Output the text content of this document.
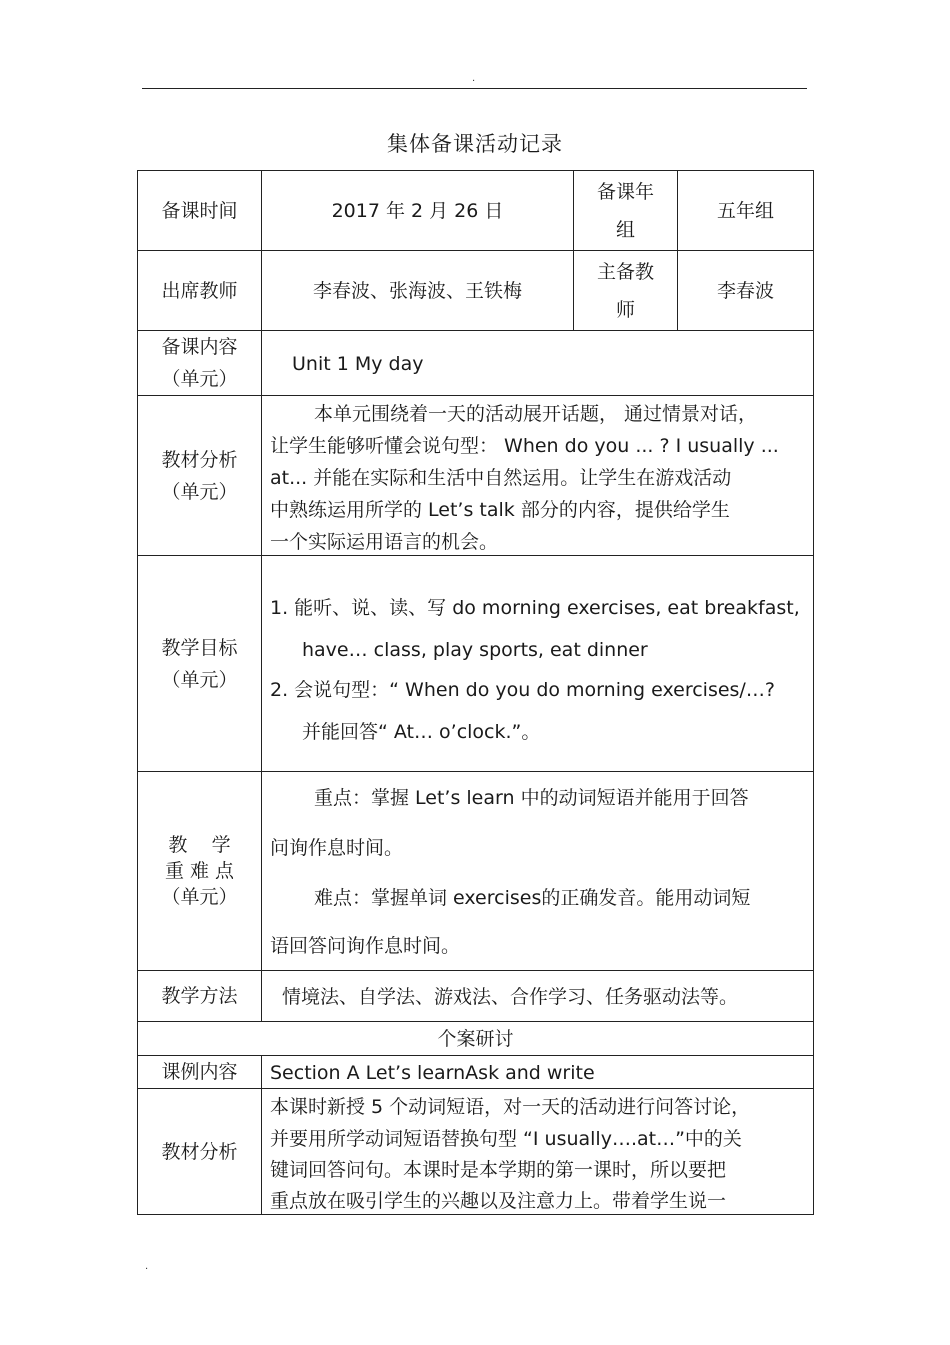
.
集体备课活动记录
备课时间	2017 年 2 月 26 日
备课年
组
五年组
出席教师	李春波、张海波、王铁梅
主备教
师
李春波
备课内容
（单元）
Unit 1 My day
教材分析
（单元）
本单元围绕着一天的活动展开话题， 通过情景对话，
让学生能够听懂会说句型： When do you ... ? I usually ...
at... 并能在实际和生活中自然运用。让学生在游戏活动
中熟练运用所学的 Let’s talk 部分的内容，提供给学生
一个实际运用语言的机会。
教学目标
（单元）
1. 能听、说、读、写 do morning exercises, eat breakfast,
have… class, play sports, eat dinner
2. 会说句型：“ When do you do morning exercises/…?
并能回答“ At… o’clock.”。
教    学
重 难 点
（单元）
重点：掌握 Let’s learn 中的动词短语并能用于回答
问询作息时间。
难点：掌握单词 exercises的正确发音。能用动词短
语回答问询作息时间。
教学方法 情境法、自学法、游戏法、合作学习、任务驱动法等。
个案研讨
课例内容 Section A Let’s learnAsk and write
教材分析
本课时新授 5 个动词短语，对一天的活动进行问答讨论，
并要用所学动词短语替换句型 “I usually….at…”中的关
键词回答问句。本课时是本学期的第一课时，所以要把
重点放在吸引学生的兴趣以及注意力上。带着学生说一
.
